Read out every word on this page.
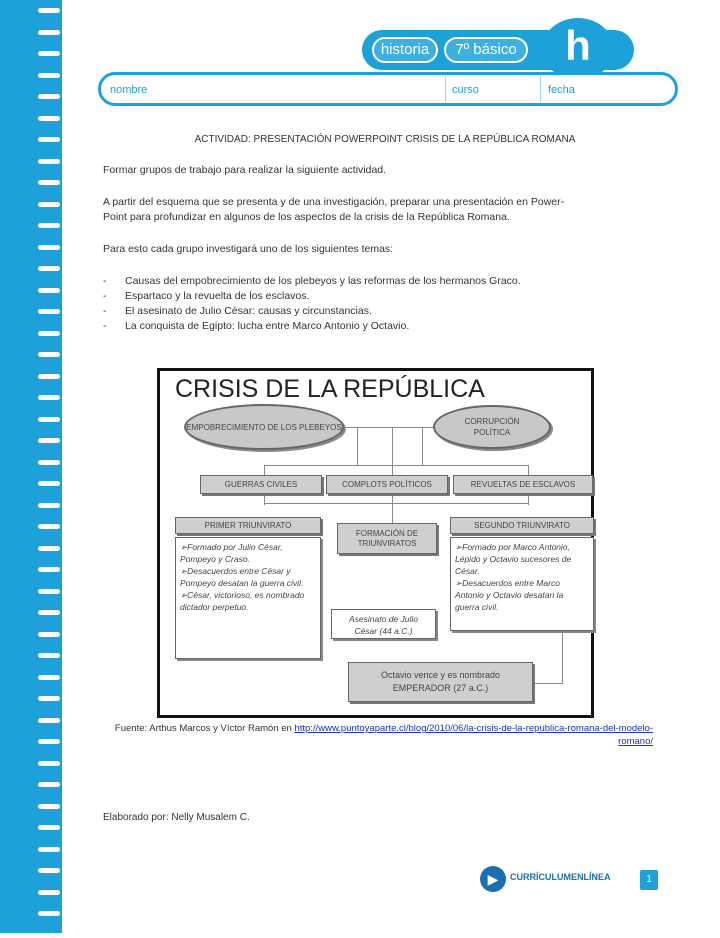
historia	7º básico	h
nombre	curso	fecha
ACTIVIDAD: PRESENTACIÓN POWERPOINT CRISIS DE LA REPÚBLICA ROMANA
Formar grupos de trabajo para realizar la siguiente actividad.
A partir del esquema que se presenta y de una investigación, preparar una presentación en Power-
Point para profundizar en algunos de los aspectos de la crisis de la República Romana.
Para esto cada grupo investigará uno de los siguientes temas:
- Causas del empobrecimiento de los plebeyos y las reformas de los hermanos Graco.
- Espartaco y la revuelta de los esclavos.
- El asesinato de Julio César: causas y circunstancias.
- La conquista de Egipto: lucha entre Marco Antonio y Octavio.
CRISIS DE LA REPÚBLICA
EMPOBRECIMIENTO DE LOS PLEBEYOS
CORRUPCIÓN POLÍTICA
GUERRAS CIVILES	COMPLOTS POLÍTICOS	REVUELTAS DE ESCLAVOS
PRIMER TRIUNVIRATO
➢Formado por Julio César, Pompeyo y Craso.
➢Desacuerdos entre César y Pompeyo desatan la guerra civil.
➢César, victorioso, es nombrado dictador perpetuo.
FORMACIÓN DE TRIUNVIRATOS
SEGUNDO TRIUNVIRATO
➢Formado por Marco Antonio, Lépido y Octavio sucesores de César.
➢Desacuerdos entre Marco Antonio y Octavio desatan la guerra civil.
Asesinato de Julio César (44 a.C.)
Octavio vence y es nombrado EMPERADOR (27 a.C.)
Fuente: Arthus Marcos y Víctor Ramón en http://www.puntoyaparte.cl/blog/2010/06/la-crisis-de-la-republica-romana-del-modelo-romano/
Elaborado por: Nelly Musalem C.
▶	CURRÍCULUMENLÍNEA	1
